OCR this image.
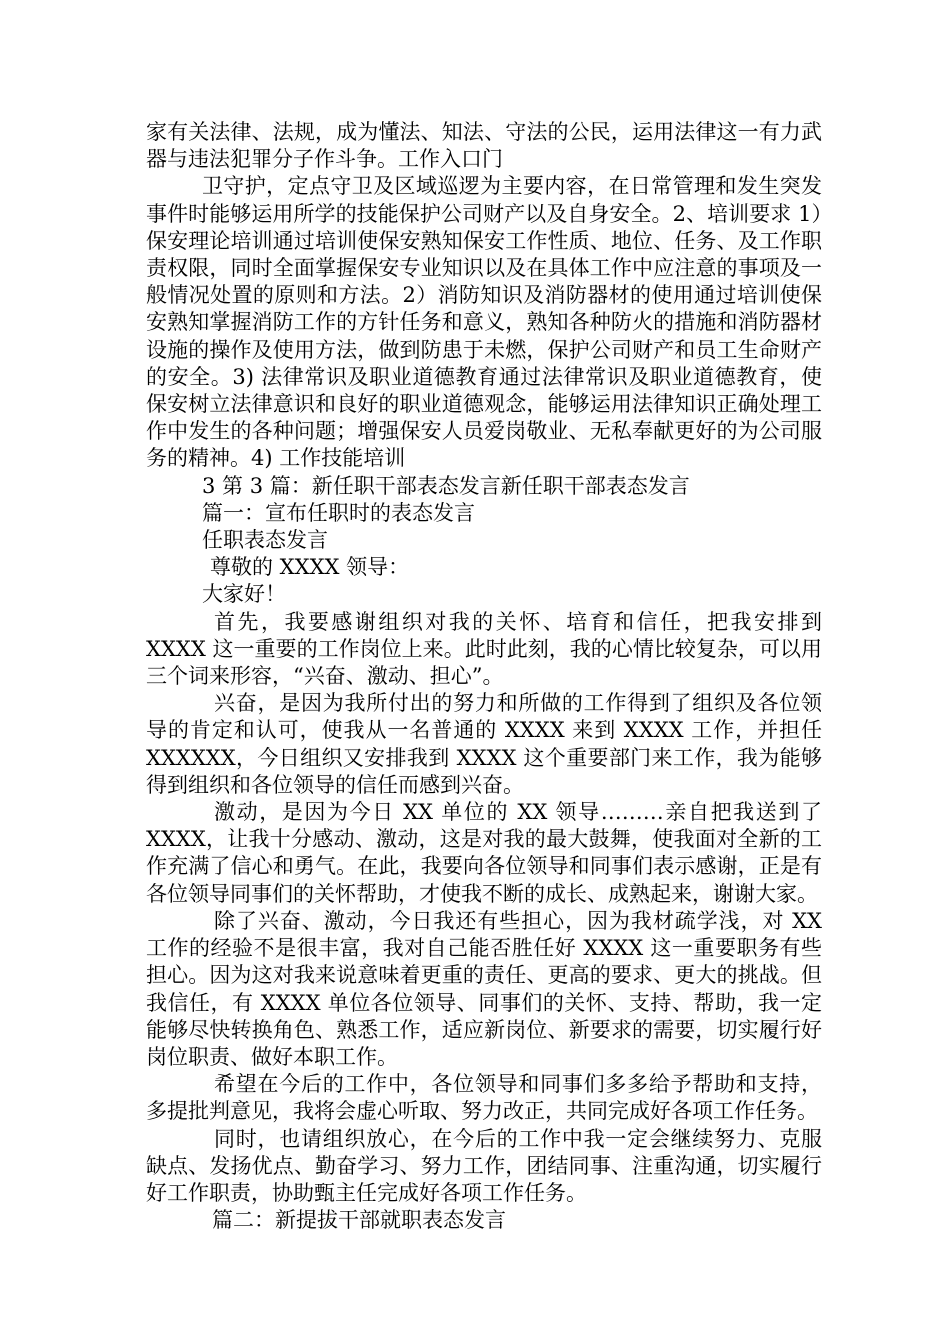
家有关法律、法规，成为懂法、知法、守法的公民，运用法律这一有力武器与违法犯罪分子作斗争。工作入口门

卫守护，定点守卫及区域巡逻为主要内容，在日常管理和发生突发事件时能够运用所学的技能保护公司财产以及自身安全。2、培训要求 1）保安理论培训通过培训使保安熟知保安工作性质、地位、任务、及工作职责权限，同时全面掌握保安专业知识以及在具体工作中应注意的事项及一般情况处置的原则和方法。2）消防知识及消防器材的使用通过培训使保安熟知掌握消防工作的方针任务和意义，熟知各种防火的措施和消防器材设施的操作及使用方法，做到防患于未燃，保护公司财产和员工生命财产的安全。3) 法律常识及职业道德教育通过法律常识及职业道德教育，使保安树立法律意识和良好的职业道德观念，能够运用法律知识正确处理工作中发生的各种问题；增强保安人员爱岗敬业、无私奉献更好的为公司服务的精神。4) 工作技能培训

3 第 3 篇：新任职干部表态发言新任职干部表态发言

篇一：宣布任职时的表态发言

任职表态发言

尊敬的 XXXX 领导：

大家好！

首先，我要感谢组织对我的关怀、培育和信任，把我安排到 XXXX 这一重要的工作岗位上来。此时此刻，我的心情比较复杂，可以用三个词来形容，“兴奋、激动、担心”。

兴奋，是因为我所付出的努力和所做的工作得到了组织及各位领导的肯定和认可，使我从一名普通的 XXXX 来到 XXXX 工作，并担任 XXXXXX，今日组织又安排我到 XXXX 这个重要部门来工作，我为能够得到组织和各位领导的信任而感到兴奋。

激动，是因为今日 XX 单位的 XX 领导………亲自把我送到了 XXXX，让我十分感动、激动，这是对我的最大鼓舞，使我面对全新的工作充满了信心和勇气。在此，我要向各位领导和同事们表示感谢，正是有各位领导同事们的关怀帮助，才使我不断的成长、成熟起来，谢谢大家。

除了兴奋、激动，今日我还有些担心，因为我材疏学浅，对 XX 工作的经验不是很丰富，我对自己能否胜任好 XXXX 这一重要职务有些担心。因为这对我来说意味着更重的责任、更高的要求、更大的挑战。但我信任，有 XXXX 单位各位领导、同事们的关怀、支持、帮助，我一定能够尽快转换角色、熟悉工作，适应新岗位、新要求的需要，切实履行好岗位职责、做好本职工作。

希望在今后的工作中，各位领导和同事们多多给予帮助和支持，多提批判意见，我将会虚心听取、努力改正，共同完成好各项工作任务。

同时，也请组织放心，在今后的工作中我一定会继续努力、克服缺点、发扬优点、勤奋学习、努力工作，团结同事、注重沟通，切实履行好工作职责，协助甄主任完成好各项工作任务。

篇二：新提拔干部就职表态发言
